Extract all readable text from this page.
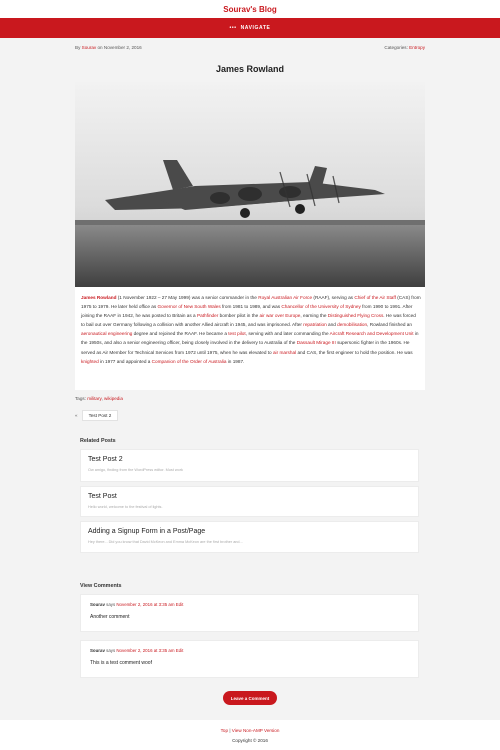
Sourav's Blog
•••
NAVIGATE
By Sourav on November 2, 2016	Categories: Entropy
James Rowland

James Rowland (1 November 1922 – 27 May 1999) was a senior commander in the Royal Australian Air Force (RAAF), serving as Chief of the Air Staff (CAS) from 1975 to 1979. He later held office as Governor of New South Wales from 1981 to 1989, and was Chancellor of the University of Sydney from 1990 to 1991. After joining the RAAF in 1942, he was posted to Britain as a Pathfinder bomber pilot in the air war over Europe, earning the Distinguished Flying Cross. He was forced to bail out over Germany following a collision with another Allied aircraft in 1945, and was imprisoned. After repatriation and demobilisation, Rowland finished an aeronautical engineering degree and rejoined the RAAF. He became a test pilot, serving with and later commanding the Aircraft Research and Development Unit in the 1950s, and also a senior engineering officer, being closely involved in the delivery to Australia of the Dassault Mirage III supersonic fighter in the 1960s. He served as Air Member for Technical Services from 1972 until 1975, when he was elevated to air marshal and CAS, the first engineer to hold the position. He was knighted in 1977 and appointed a Companion of the Order of Australia in 1987.

Tags: military, wikipedia
«	Test Post 2
Related Posts
Test Post 2
Ow amigo, finding from the WordPress editor. Must work
Test Post
Hello world, welcome to the festival of lights.
Adding a Signup Form in a Post/Page
Hey there... Did you know that David McKeon and Emma McKeon are the first brother and...
View Comments
Sourav says November 2, 2016 at 3:35 am Edit
Another comment
Sourav says November 2, 2016 at 3:35 am Edit
This is a test comment woof
Leave a Comment
Top | View Non-AMP Version
Copyright © 2016
